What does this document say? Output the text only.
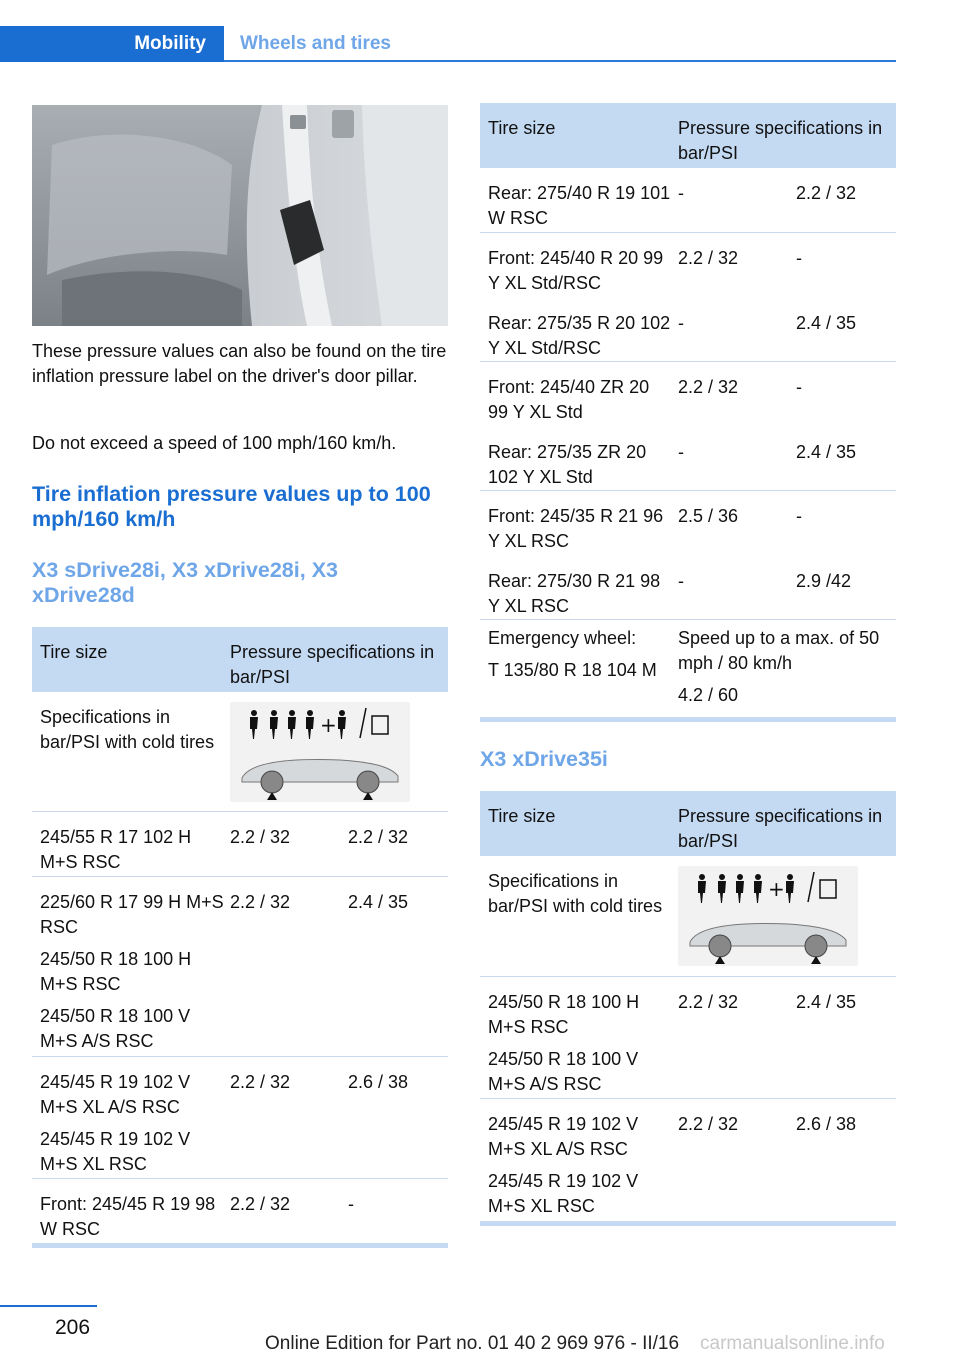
Mobility	Wheels and tires
These pressure values can also be found on the tire inflation pressure label on the driver's door pillar.
Do not exceed a speed of 100 mph/160 km/h.
Tire inflation pressure values up to 100 mph/160 km/h
X3 sDrive28i, X3 xDrive28i, X3 xDrive28d
Tire size	Pressure specifications in bar/PSI
Specifications in bar/PSI with cold tires
+
245/55 R 17 102 H M+S RSC
2.2 / 32	2.2 / 32

225/60 R 17 99 H M+S RSC

245/50 R 18 100 H M+S RSC

245/50 R 18 100 V M+S A/S RSC

2.2 / 32	2.4 / 35

245/45 R 19 102 V M+S XL A/S RSC

245/45 R 19 102 V M+S XL RSC

2.2 / 32	2.6 / 38
Front: 245/45 R 19 98 W RSC
2.2 / 32	-
Tire size	Pressure specifications in bar/PSI
Rear: 275/40 R 19 101 W RSC
-	2.2 / 32
Front: 245/40 R 20 99 Y XL Std/RSC
2.2 / 32	-
Rear: 275/35 R 20 102 Y XL Std/RSC
-	2.4 / 35
Front: 245/40 ZR 20 99 Y XL Std
2.2 / 32	-
Rear: 275/35 ZR 20 102 Y XL Std
-	2.4 / 35
Front: 245/35 R 21 96 Y XL RSC
2.5 / 36	-
Rear: 275/30 R 21 98 Y XL RSC
-	2.9 /42

Emergency wheel:

T 135/80 R 18 104 M

Speed up to a max. of 50 mph / 80 km/h

4.2 / 60

X3 xDrive35i
Tire size	Pressure specifications in bar/PSI
Specifications in bar/PSI with cold tires
+

245/50 R 18 100 H M+S RSC

245/50 R 18 100 V M+S A/S RSC

2.2 / 32	2.4 / 35

245/45 R 19 102 V M+S XL A/S RSC

245/45 R 19 102 V M+S XL RSC

2.2 / 32	2.6 / 38
206
Online Edition for Part no. 01 40 2 969 976 - II/16 carmanualsonline.info
